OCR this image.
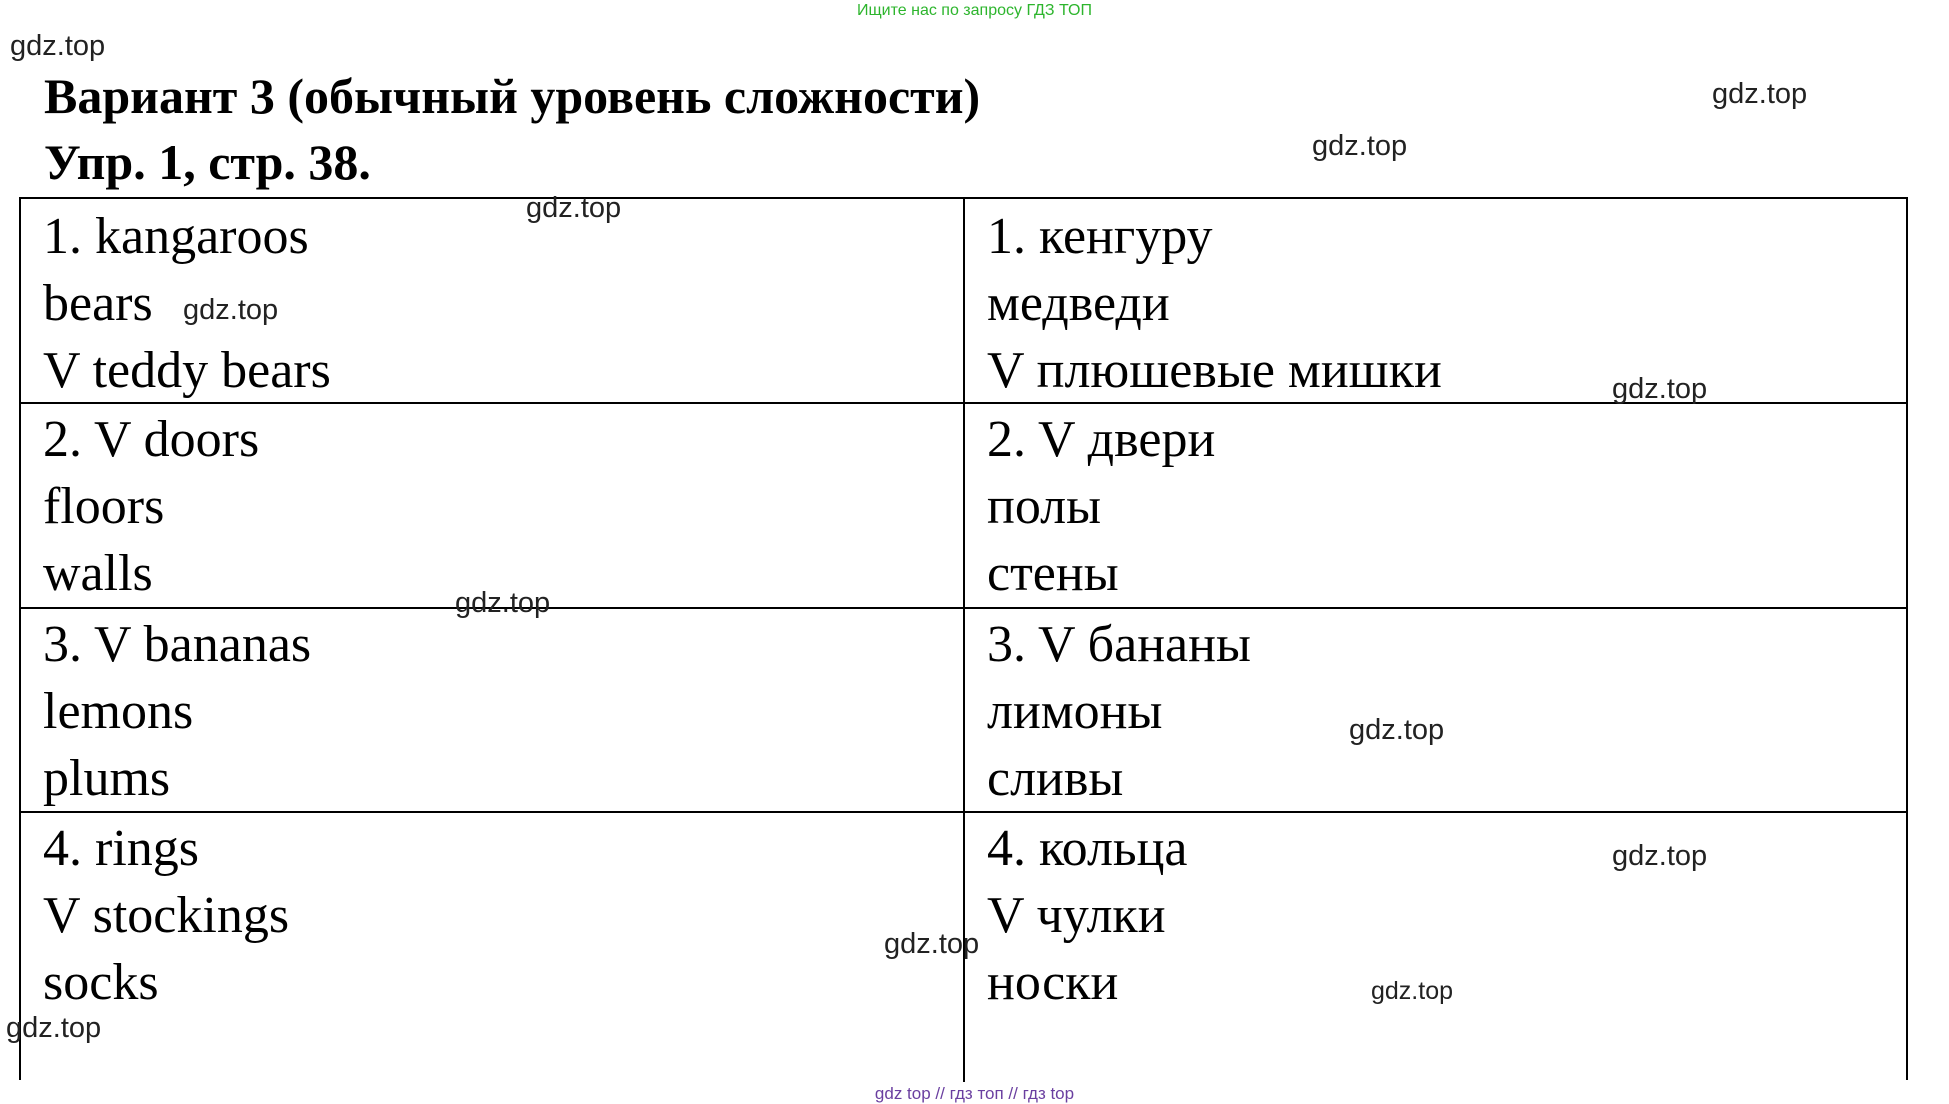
Ищите нас по запросу ГДЗ ТОП
Вариант 3 (обычный уровень сложности)
Упр. 1, стр. 38.
1. kangaroos
bears
V teddy bears
1. кенгуру
медведи
V плюшевые мишки
2. V doors
floors
walls
2. V двери
полы
стены
3. V bananas
lemons
plums
3. V бананы
лимоны
сливы
4. rings
V stockings
socks
4. кольца
V чулки
носки
gdz.top
gdz.top
gdz.top
gdz.top
gdz.top
gdz.top
gdz.top
gdz.top
gdz.top
gdz.top
gdz.top
gdz.top
gdz top // гдз топ // гдз top
